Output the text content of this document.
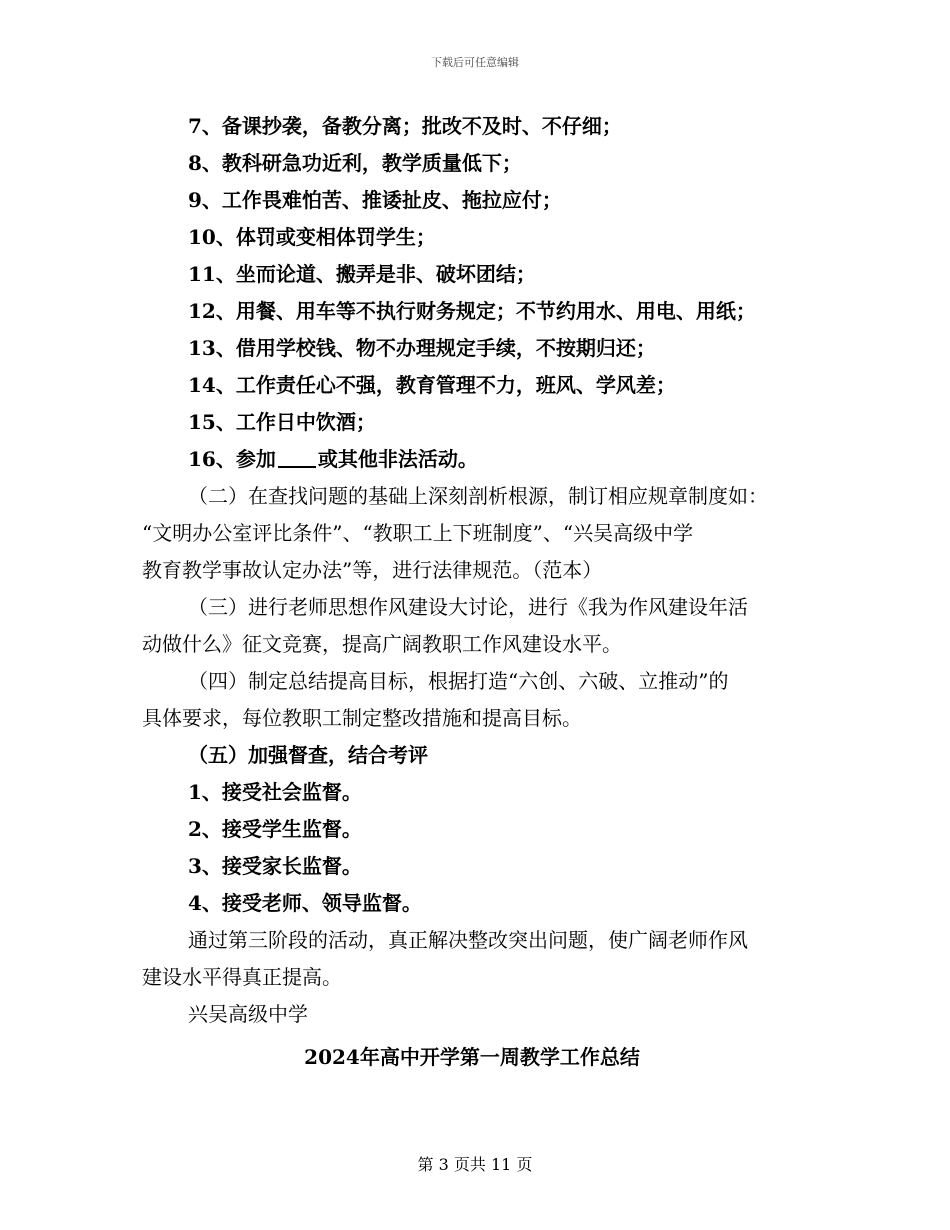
下载后可任意编辑
7、备课抄袭，备教分离；批改不及时、不仔细；
8、教科研急功近利，教学质量低下；
9、工作畏难怕苦、推诿扯皮、拖拉应付；
10、体罚或变相体罚学生；
11、坐而论道、搬弄是非、破坏团结；
12、用餐、用车等不执行财务规定；不节约用水、用电、用纸；
13、借用学校钱、物不办理规定手续，不按期归还；
14、工作责任心不强，教育管理不力，班风、学风差；
15、工作日中饮酒；
16、参加 或其他非法活动。
（二）在查找问题的基础上深刻剖析根源，制订相应规章制度如：
“文明办公室评比条件”、“教职工上下班制度”、“兴吴高级中学
教育教学事故认定办法”等，进行法律规范。（范本）
（三）进行老师思想作风建设大讨论，进行《我为作风建设年活
动做什么》征文竞赛，提高广阔教职工作风建设水平。
（四）制定总结提高目标，根据打造“六创、六破、立推动”的
具体要求，每位教职工制定整改措施和提高目标。
（五）加强督查，结合考评
1、接受社会监督。
2、接受学生监督。
3、接受家长监督。
4、接受老师、领导监督。
通过第三阶段的活动，真正解决整改突出问题，使广阔老师作风
建设水平得真正提高。
兴吴高级中学
2024年高中开学第一周教学工作总结
第 3 页共 11 页
